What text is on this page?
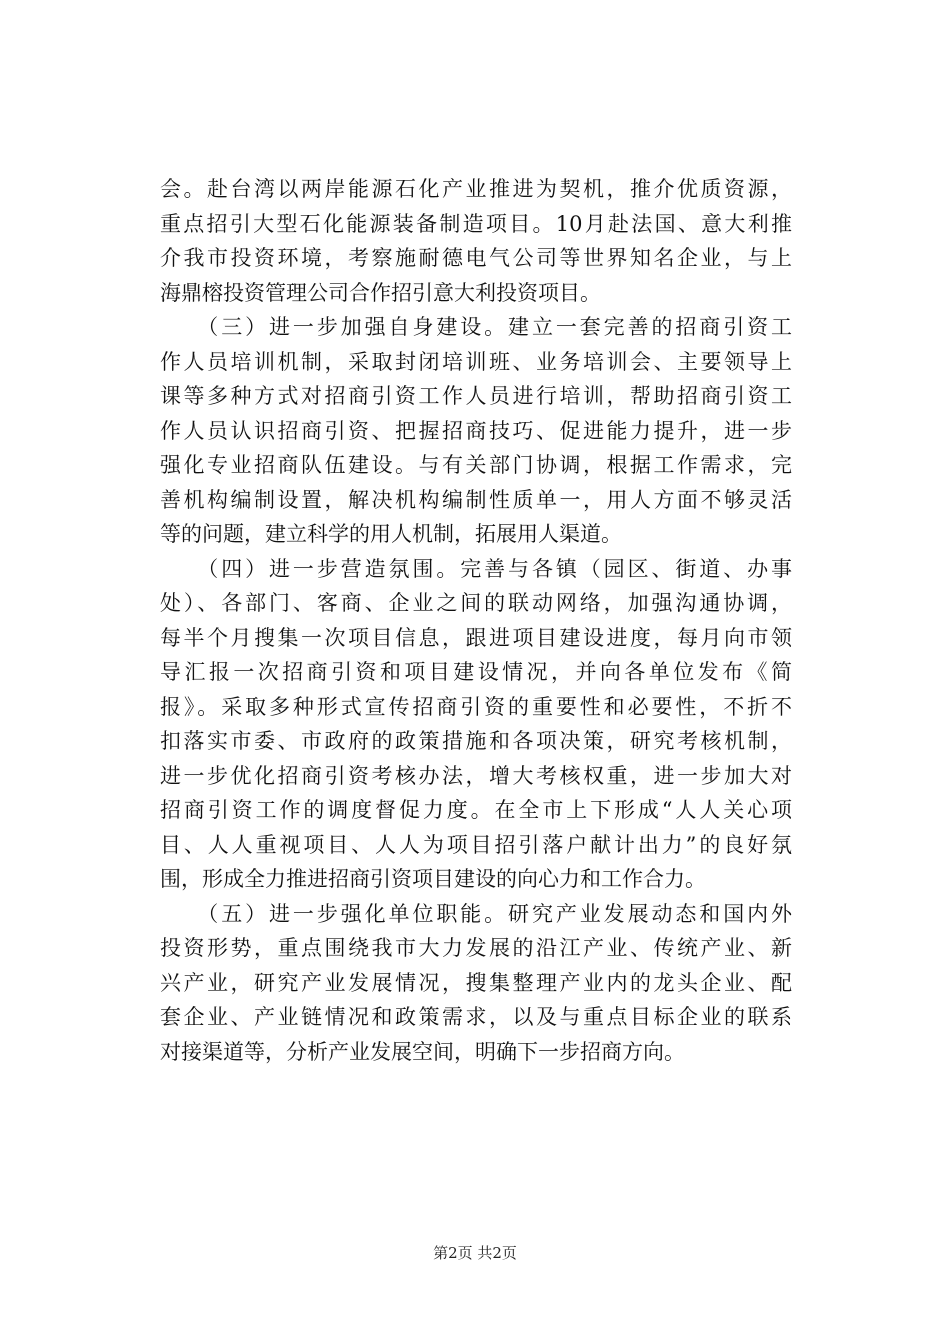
会。赴台湾以两岸能源石化产业推进为契机，推介优质资源，
重点招引大型石化能源装备制造项目。10月赴法国、意大利推
介我市投资环境，考察施耐德电气公司等世界知名企业，与上
海鼎榕投资管理公司合作招引意大利投资项目。
　　（三）进一步加强自身建设。建立一套完善的招商引资工
作人员培训机制，采取封闭培训班、业务培训会、主要领导上
课等多种方式对招商引资工作人员进行培训，帮助招商引资工
作人员认识招商引资、把握招商技巧、促进能力提升，进一步
强化专业招商队伍建设。与有关部门协调，根据工作需求，完
善机构编制设置，解决机构编制性质单一，用人方面不够灵活
等的问题，建立科学的用人机制，拓展用人渠道。
　　（四）进一步营造氛围。完善与各镇（园区、街道、办事
处）、各部门、客商、企业之间的联动网络，加强沟通协调，
每半个月搜集一次项目信息，跟进项目建设进度，每月向市领
导汇报一次招商引资和项目建设情况，并向各单位发布《简
报》。采取多种形式宣传招商引资的重要性和必要性，不折不
扣落实市委、市政府的政策措施和各项决策，研究考核机制，
进一步优化招商引资考核办法，增大考核权重，进一步加大对
招商引资工作的调度督促力度。在全市上下形成“人人关心项
目、人人重视项目、人人为项目招引落户献计出力”的良好氛
围，形成全力推进招商引资项目建设的向心力和工作合力。
　　（五）进一步强化单位职能。研究产业发展动态和国内外
投资形势，重点围绕我市大力发展的沿江产业、传统产业、新
兴产业，研究产业发展情况，搜集整理产业内的龙头企业、配
套企业、产业链情况和政策需求，以及与重点目标企业的联系
对接渠道等，分析产业发展空间，明确下一步招商方向。
第2页 共2页
